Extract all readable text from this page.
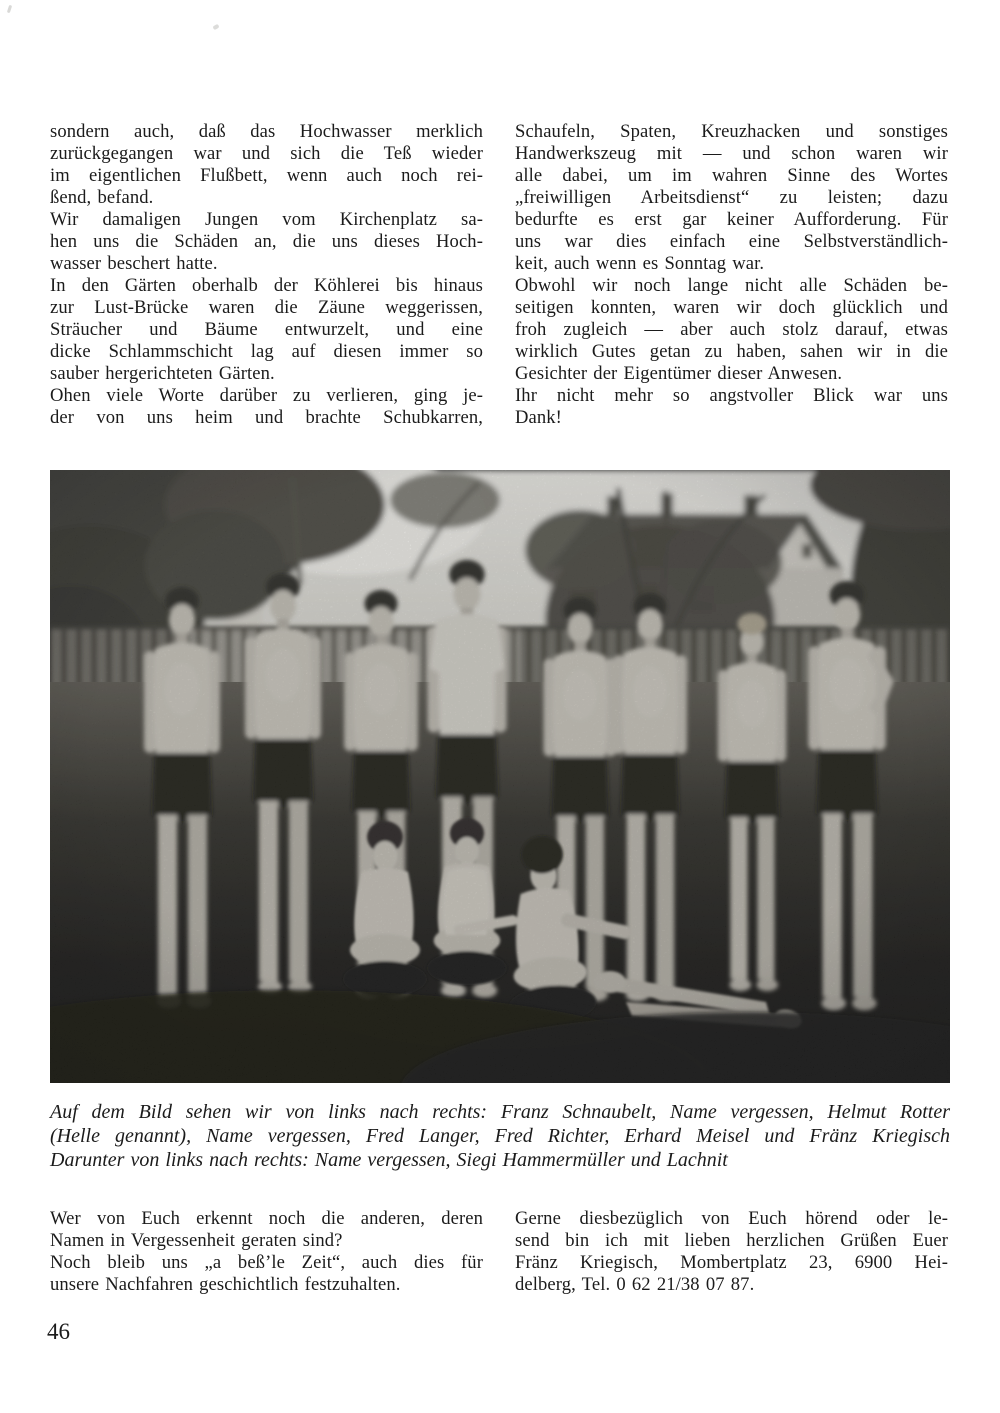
sondern auch, daß das Hochwasser merklich

zurückgegangen war und sich die Teß wieder

im eigentlichen Flußbett, wenn auch noch rei-

ßend, befand.

Wir damaligen Jungen vom Kirchenplatz sa-

hen uns die Schäden an, die uns dieses Hoch-

wasser beschert hatte.

In den Gärten oberhalb der Köhlerei bis hinaus

zur Lust-Brücke waren die Zäune weggerissen,

Sträucher und Bäume entwurzelt, und eine

dicke Schlammschicht lag auf diesen immer so

sauber hergerichteten Gärten.

Ohen viele Worte darüber zu verlieren, ging je-

der von uns heim und brachte Schubkarren,

Schaufeln, Spaten, Kreuzhacken und sonstiges

Handwerkszeug mit — und schon waren wir

alle dabei, um im wahren Sinne des Wortes

„freiwilligen Arbeitsdienst“ zu leisten; dazu

bedurfte es erst gar keiner Aufforderung. Für

uns war dies einfach eine Selbstverständlich-

keit, auch wenn es Sonntag war.

Obwohl wir noch lange nicht alle Schäden be-

seitigen konnten, waren wir doch glücklich und

froh zugleich — aber auch stolz darauf, etwas

wirklich Gutes getan zu haben, sahen wir in die

Gesichter der Eigentümer dieser Anwesen.

Ihr nicht mehr so angstvoller Blick war uns

Dank!

Auf dem Bild sehen wir von links nach rechts: Franz Schnaubelt, Name vergessen, Helmut Rotter

(Helle genannt), Name vergessen, Fred Langer, Fred Richter, Erhard Meisel und Fränz Kriegisch

Darunter von links nach rechts: Name vergessen, Siegi Hammermüller und Lachnit

Wer von Euch erkennt noch die anderen, deren

Namen in Vergessenheit geraten sind?

Noch bleib uns „a beß’le Zeit“, auch dies für

unsere Nachfahren geschichtlich festzuhalten.

Gerne diesbezüglich von Euch hörend oder le-

send bin ich mit lieben herzlichen Grüßen Euer

Fränz Kriegisch, Mombertplatz 23, 6900 Hei-

delberg, Tel. 0 62 21/38 07 87.

46
